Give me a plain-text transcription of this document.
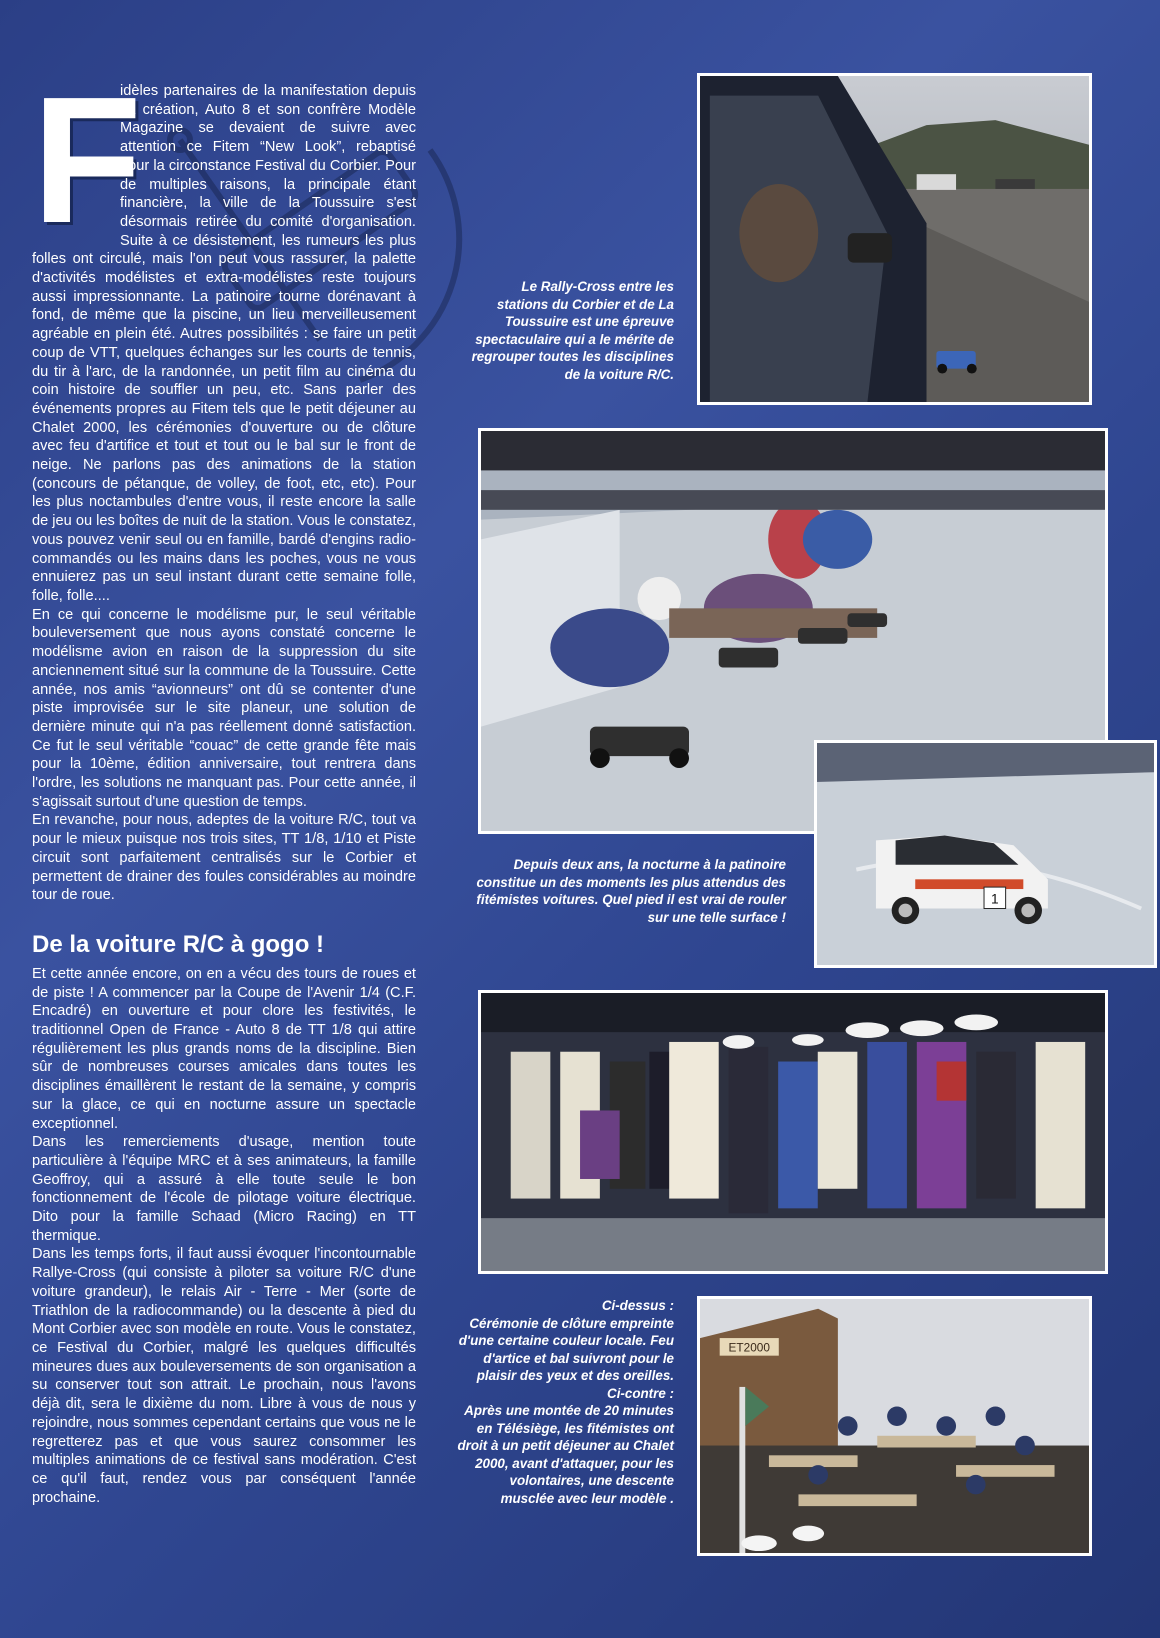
F

idèles partenaires de la manifestation depuis sa création, Auto 8 et son confrère Modèle Magazine se devaient de suivre avec attention ce Fitem “New Look”, rebaptisé pour la circonstance Festival du Corbier. Pour de multiples raisons, la principale étant financière, la ville de la Toussuire s'est désormais retirée du comité d'organisation. Suite à ce désistement, les rumeurs les plus folles ont circulé, mais l'on peut vous rassurer, la palette d'activités modélistes et extra-modélistes reste toujours aussi impressionnante. La patinoire tourne dorénavant à fond, de même que la piscine, un lieu merveilleusement agréable en plein été. Autres possibilités : se faire un petit coup de VTT, quelques échanges sur les courts de tennis, du tir à l'arc, de la randonnée, un petit film au cinéma du coin histoire de souffler un peu, etc. Sans parler des événements propres au Fitem tels que le petit déjeuner au Chalet 2000, les cérémonies d'ouverture ou de clôture avec feu d'artifice et tout et tout ou le bal sur le front de neige. Ne parlons pas des animations de la station (concours de pétanque, de volley, de foot, etc, etc). Pour les plus noctambules d'entre vous, il reste encore la salle de jeu ou les boîtes de nuit de la station. Vous le constatez, vous pouvez venir seul ou en famille, bardé d'engins radio-commandés ou les mains dans les poches, vous ne vous ennuierez pas un seul instant durant cette semaine folle, folle, folle....

En ce qui concerne le modélisme pur, le seul véritable bouleversement que nous ayons constaté concerne le modélisme avion en raison de la suppression du site anciennement situé sur la commune de la Toussuire. Cette année, nos amis “avionneurs” ont dû se contenter d'une piste improvisée sur le site planeur, une solution de dernière minute qui n'a pas réellement donné satisfaction. Ce fut le seul véritable “couac” de cette grande fête mais pour la 10ème, édition anniversaire, tout rentrera dans l'ordre, les solutions ne manquant pas. Pour cette année, il s'agissait surtout d'une question de temps.

En revanche, pour nous, adeptes de la voiture R/C, tout va pour le mieux puisque nos trois sites, TT 1/8, 1/10 et Piste circuit sont parfaitement centralisés sur le Corbier et permettent de drainer des foules considérables au moindre tour de roue.

De la voiture R/C à gogo !

Et cette année encore, on en a vécu des tours de roues et de piste ! A commencer par la Coupe de l'Avenir 1/4 (C.F. Encadré) en ouverture et pour clore les festivités, le traditionnel Open de France - Auto 8 de TT 1/8 qui attire régulièrement les plus grands noms de la discipline. Bien sûr de nombreuses courses amicales dans toutes les disciplines émaillèrent le restant de la semaine, y compris sur la glace, ce qui en nocturne assure un spectacle exceptionnel.

Dans les remerciements d'usage, mention toute particulière à l'équipe MRC et à ses animateurs, la famille Geoffroy, qui a assuré à elle toute seule le bon fonctionnement de l'école de pilotage voiture électrique. Dito pour la famille Schaad (Micro Racing) en TT thermique.

Dans les temps forts, il faut aussi évoquer l'incontournable Rallye-Cross (qui consiste à piloter sa voiture R/C d'une voiture grandeur), le relais Air - Terre - Mer (sorte de Triathlon de la radiocommande) ou la descente à pied du Mont Corbier avec son modèle en route. Vous le constatez, ce Festival du Corbier, malgré les quelques difficultés mineures dues aux bouleversements de son organisation a su conserver tout son attrait. Le prochain, nous l'avons déjà dit, sera le dixième du nom. Libre à vous de nous y rejoindre, nous sommes cependant certains que vous ne le regretterez pas et que vous saurez consommer les multiples animations de ce festival sans modération. C'est ce qu'il faut, rendez vous par conséquent l'année prochaine.

Le Rally-Cross entre les stations du Corbier et de La Toussuire est une épreuve spectaculaire qui a le mérite de regrouper toutes les disciplines de la voiture R/C.
1
Depuis deux ans, la nocturne à la patinoire constitue un des moments les plus attendus des fitémistes voitures. Quel pied il est vrai de rouler sur une telle surface !
Ci-dessus :
Cérémonie de clôture empreinte d'une certaine couleur locale. Feu d'artice et bal suivront pour le plaisir des yeux et des oreilles.
Ci-contre :
Après une montée de 20 minutes en Télésiège, les fitémistes ont droit à un petit déjeuner au Chalet 2000, avant d'attaquer, pour les volontaires, une descente musclée avec leur modèle .
ET2000
